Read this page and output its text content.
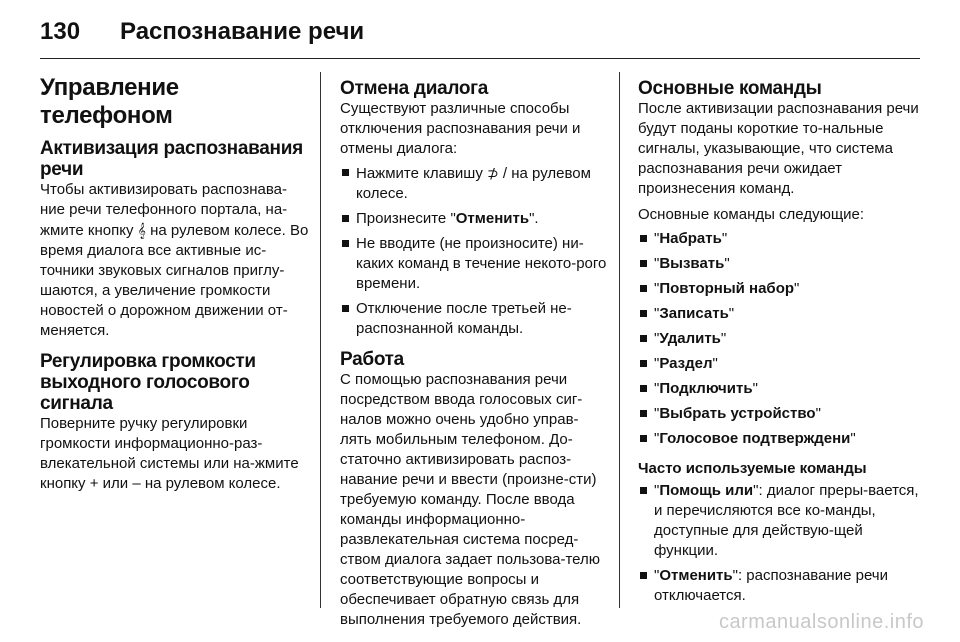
130 Распознавание речи
Управление телефоном
Активизация распознавания речи

Чтобы активизировать распознава-ние речи телефонного портала, на-жмите кнопку 𝄞 на рулевом колесе. Во время диалога все активные ис-точники звуковых сигналов приглу-шаются, а увеличение громкости новостей о дорожном движении от-меняется.

Регулировка громкости выходного голосового сигнала

Поверните ручку регулировки громкости информационно-раз-влекательной системы или на-жмите кнопку + или – на рулевом колесе.

Отмена диалога

Существуют различные способы отключения распознавания речи и отмены диалога:

Нажмите клавишу ⊅ / на рулевом колесе.
Произнесите "Отменить".
Не вводите (не произносите) ни-каких команд в течение некото-рого времени.
Отключение после третьей не-распознанной команды.
Работа

С помощью распознавания речи посредством ввода голосовых сиг-налов можно очень удобно управ-лять мобильным телефоном. До-статочно активизировать распоз-навание речи и ввести (произне-сти) требуемую команду. После ввода команды информационно-развлекательная система посред-ством диалога задает пользова-телю соответствующие вопросы и обеспечивает обратную связь для выполнения требуемого действия.

Основные команды

После активизации распознавания речи будут поданы короткие то-нальные сигналы, указывающие, что система распознавания речи ожидает произнесения команд.

Основные команды следующие:

"Набрать"
"Вызвать"
"Повторный набор"
"Записать"
"Удалить"
"Раздел"
"Подключить"
"Выбрать устройство"
"Голосовое подтверждени"
Часто используемые команды
"Помощь или": диалог преры-вается, и перечисляются все ко-манды, доступные для действую-щей функции.
"Отменить": распознавание речи отключается.
carmanualsonline.info
